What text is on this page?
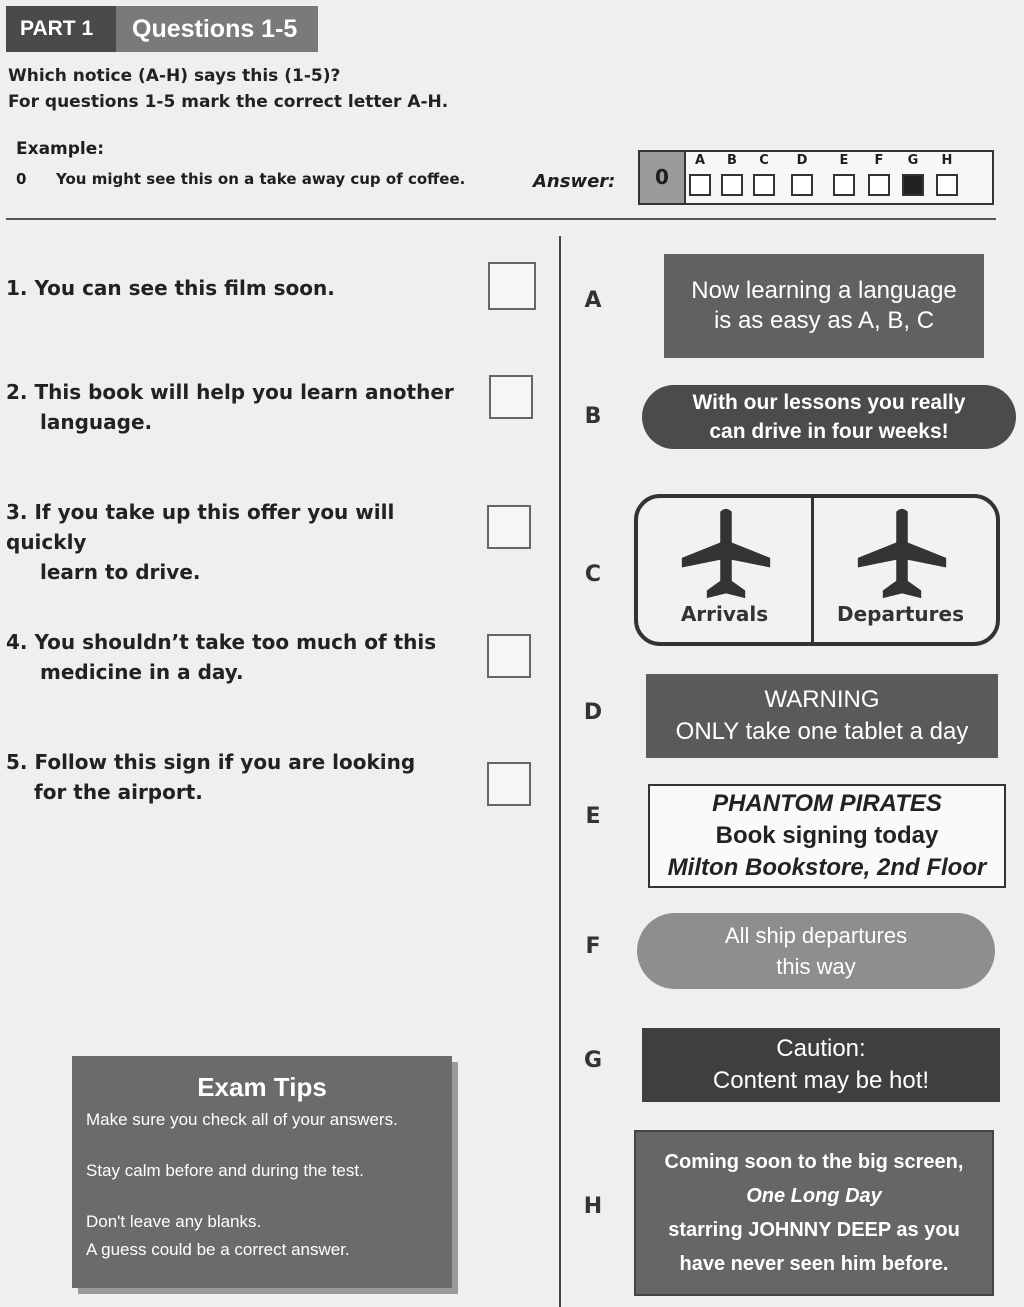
PART 1	Questions 1-5
Which notice (A-H) says this (1-5)?
For questions 1-5 mark the correct letter A-H.
Example:
0 You might see this on a take away cup of coffee.	Answer:	0
A	B	C	D	E	F	G	H
1. You can see this film soon.
2. This book will help you learn another
language.
3. If you take up this offer you will quickly
learn to drive.
4. You shouldn’t take too much of this
medicine in a day.
5. Follow this sign if you are looking
for the airport.
A
B
C
D
E
F
G
H
Now learning a language
is as easy as A, B, C
With our lessons you really
can drive in four weeks!
Arrivals	Departures
WARNING
ONLY take one tablet a day
PHANTOM PIRATES
Book signing today
Milton Bookstore, 2nd Floor
All ship departures
this way
Caution:
Content may be hot!
Coming soon to the big screen,
One Long Day
starring JOHNNY DEEP as you
have never seen him before.
Exam Tips
Make sure you check all of your answers.
Stay calm before and during the test.
Don't leave any blanks.
A guess could be a correct answer.
